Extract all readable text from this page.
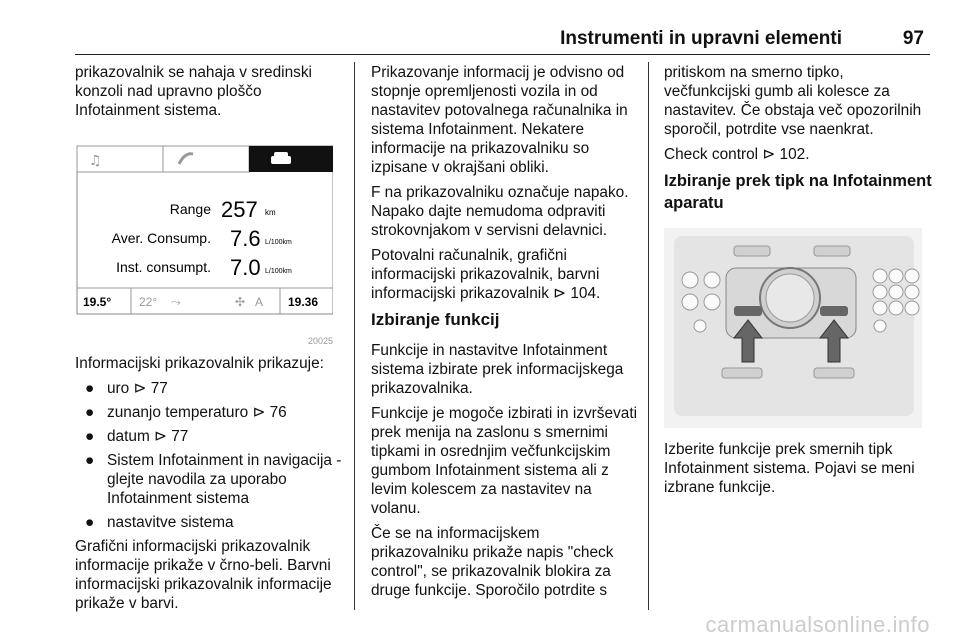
Instrumenti in upravni elementi	97

prikazovalnik se nahaja v sredinski konzoli nad upravno ploščo Infotainment sistema.

♫
Range 257 km
Aver. Consump. 7.6 L/100km
Inst. consumpt. 7.0 L/100km
19.5° 22° ⤳	✣ A 19.36
20025

Informacijski prikazovalnik prikazuje:

● uro ⊳ 77
● zunanjo temperaturo ⊳ 76
● datum ⊳ 77
● Sistem Infotainment in navigacija - glejte navodila za uporabo Infotainment sistema
● nastavitve sistema

Grafični informacijski prikazovalnik informacije prikaže v črno-beli. Barvni informacijski prikazovalnik informacije prikaže v barvi.

Prikazovanje informacij je odvisno od stopnje opremljenosti vozila in od nastavitev potovalnega računalnika in sistema Infotainment. Nekatere informacije na prikazovalniku so izpisane v okrajšani obliki.

F na prikazovalniku označuje napako. Napako dajte nemudoma odpraviti strokovnjakom v servisni delavnici.

Potovalni računalnik, grafični informacijski prikazovalnik, barvni informacijski prikazovalnik ⊳ 104.

Izbiranje funkcij

Funkcije in nastavitve Infotainment sistema izbirate prek informacijskega prikazovalnika.

Funkcije je mogoče izbirati in izvrševati prek menija na zaslonu s smernimi tipkami in osrednjim večfunkcijskim gumbom Infotainment sistema ali z levim kolescem za nastavitev na volanu.

Če se na informacijskem prikazovalniku prikaže napis "check control", se prikazovalnik blokira za druge funkcije. Sporočilo potrdite s

pritiskom na smerno tipko, večfunkcijski gumb ali kolesce za nastavitev. Če obstaja več opozorilnih sporočil, potrdite vse naenkrat.

Check control ⊳ 102.

Izbiranje prek tipk na Infotainment aparatu

Izberite funkcije prek smernih tipk Infotainment sistema. Pojavi se meni izbrane funkcije.

carmanualsonline.info
